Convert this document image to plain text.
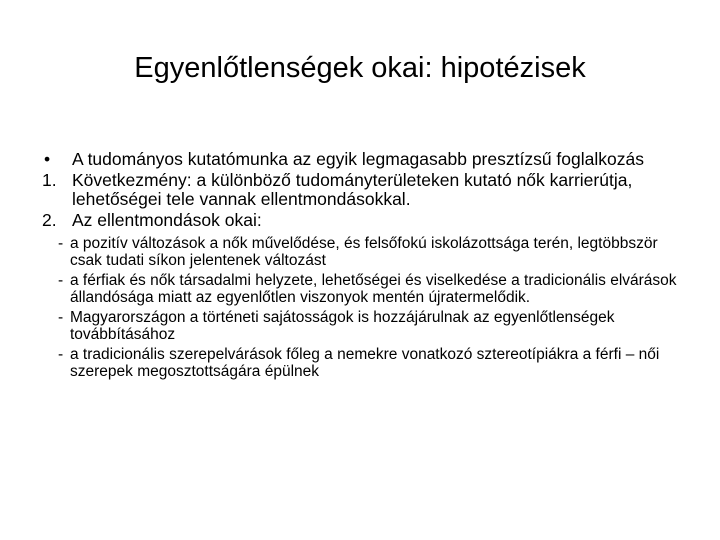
Egyenlőtlenségek okai: hipotézisek
• A tudományos kutatómunka az egyik legmagasabb presztízsű foglalkozás
1. Következmény: a különböző tudományterületeken kutató nők karrierútja, lehetőségei tele vannak ellentmondásokkal.
2. Az ellentmondások okai:
- a pozitív változások a nők művelődése, és felsőfokú iskolázottsága terén, legtöbbször csak tudati síkon jelentenek változást
- a férfiak és nők társadalmi helyzete, lehetőségei és viselkedése a tradicionális elvárások állandósága miatt az egyenlőtlen viszonyok mentén újratermelődik.
- Magyarországon a történeti sajátosságok is hozzájárulnak az egyenlőtlenségek továbbításához
- a tradicionális szerepelvárások főleg a nemekre vonatkozó sztereotípiákra a férfi – női szerepek megosztottságára épülnek
